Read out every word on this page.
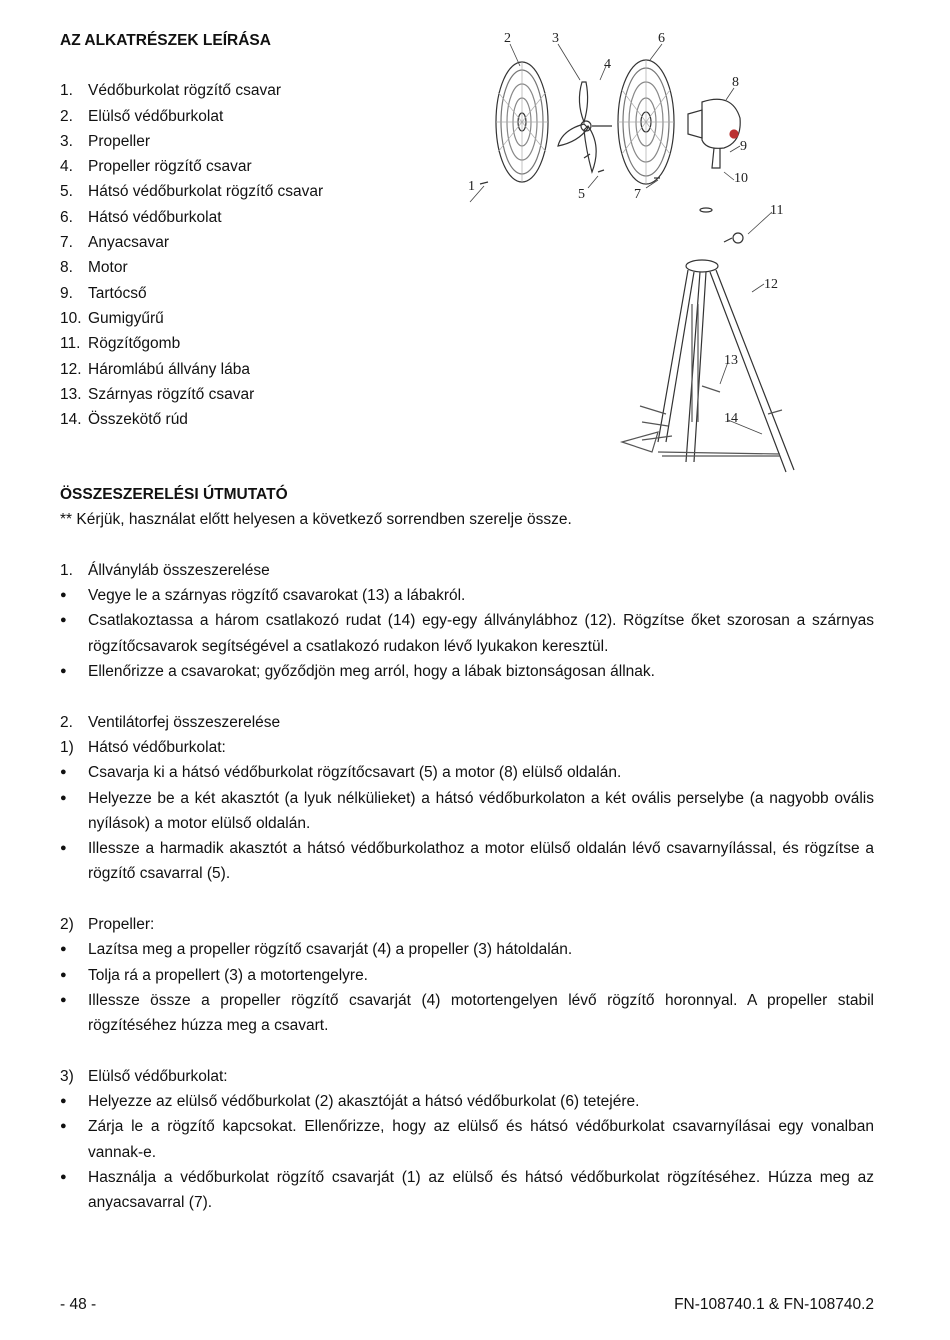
AZ ALKATRÉSZEK LEÍRÁSA
1. Védőburkolat rögzítő csavar
2. Elülső védőburkolat
3. Propeller
4. Propeller rögzítő csavar
5. Hátsó védőburkolat rögzítő csavar
6. Hátsó védőburkolat
7. Anyacsavar
8. Motor
9. Tartócső
10. Gumigyűrű
11. Rögzítőgomb
12. Háromlábú állvány lába
13. Szárnyas rögzítő csavar
14. Összekötő rúd
1
2	3
4
5
6
7
8
9
10
11
12
13
14
ÖSSZESZERELÉSI ÚTMUTATÓ
** Kérjük, használat előtt helyesen a következő sorrendben szerelje össze.
1. Állványláb összeszerelése
●	Vegye le a szárnyas rögzítő csavarokat (13) a lábakról.
●	Csatlakoztassa a három csatlakozó rudat (14) egy-egy állványlábhoz (12). Rögzítse őket szorosan a szárnyas rögzítőcsavarok segítségével a csatlakozó rudakon lévő lyukakon keresztül.
●	Ellenőrizze a csavarokat; győződjön meg arról, hogy a lábak biztonságosan állnak.
2. Ventilátorfej összeszerelése
1) Hátsó védőburkolat:
●	Csavarja ki a hátsó védőburkolat rögzítőcsavart (5) a motor (8) elülső oldalán.
●	Helyezze be a két akasztót (a lyuk nélkülieket) a hátsó védőburkolaton a két ovális perselybe (a nagyobb ovális nyílások) a motor elülső oldalán.
●	Illessze a harmadik akasztót a hátsó védőburkolathoz a motor elülső oldalán lévő csavarnyílással, és rögzítse a rögzítő csavarral (5).
2) Propeller:
●	Lazítsa meg a propeller rögzítő csavarját (4) a propeller (3) hátoldalán.
●	Tolja rá a propellert (3) a motortengelyre.
●	Illessze össze a propeller rögzítő csavarját (4) motortengelyen lévő rögzítő horonnyal. A propeller stabil rögzítéséhez húzza meg a csavart.
3) Elülső védőburkolat:
●	Helyezze az elülső védőburkolat (2) akasztóját a hátsó védőburkolat (6) tetejére.
●	Zárja le a rögzítő kapcsokat. Ellenőrizze, hogy az elülső és hátsó védőburkolat csavarnyílásai egy vonalban vannak-e.
●	Használja a védőburkolat rögzítő csavarját (1) az elülső és hátsó védőburkolat rögzítéséhez. Húzza meg az anyacsavarral (7).
- 48 -	FN-108740.1 & FN-108740.2
